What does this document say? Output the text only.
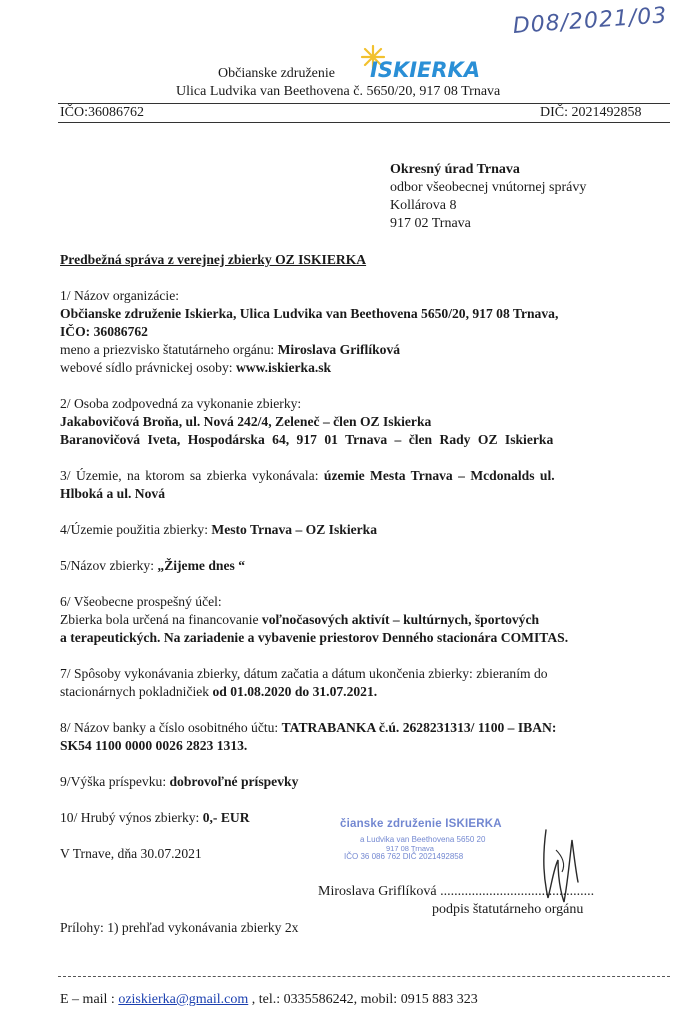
D08/2021/03
ISKIERKA
Občianske združenie
Ulica Ludvika van Beethovena č. 5650/20, 917 08 Trnava
IČO:36086762	DIČ: 2021492858
Okresný úrad Trnava
odbor všeobecnej vnútornej správy
Kollárova 8
917 02 Trnava
Predbežná správa z verejnej zbierky OZ ISKIERKA
1/ Názov organizácie:
Občianske združenie Iskierka, Ulica Ludvika van Beethovena 5650/20, 917 08 Trnava,
IČO: 36086762
meno a priezvisko štatutárneho orgánu: Miroslava Griflíková
webové sídlo právnickej osoby: www.iskierka.sk
2/ Osoba zodpovedná za vykonanie zbierky:
Jakabovičová Broňa, ul. Nová 242/4, Zeleneč – člen OZ Iskierka
Baranovičová Iveta, Hospodárska 64, 917 01 Trnava – člen Rady OZ Iskierka
3/ Územie, na ktorom sa zbierka vykonávala: územie Mesta Trnava – Mcdonalds ul.
Hlboká a ul. Nová
4/Územie použitia zbierky: Mesto Trnava – OZ Iskierka
5/Názov zbierky: „Žijeme dnes “
6/ Všeobecne prospešný účel:
Zbierka bola určená na financovanie voľnočasových aktivít – kultúrnych, športových
a terapeutických. Na zariadenie a vybavenie priestorov Denného stacionára COMITAS.
7/ Spôsoby vykonávania zbierky, dátum začatia a dátum ukončenia zbierky: zbieraním do
stacionárnych pokladničiek od 01.08.2020 do 31.07.2021.
8/ Názov banky a číslo osobitného účtu: TATRABANKA č.ú. 2628231313/ 1100 – IBAN:
SK54 1100 0000 0026 2823 1313.
9/Výška príspevku: dobrovoľné príspevky
10/ Hrubý výnos zbierky: 0,- EUR	čianske združenie ISKIERKA
a Ludvika van Beethovena 5650 20
917 08 Trnava
IČO 36 086 762 DIČ 2021492858
V Trnave, dňa 30.07.2021
Miroslava Griflíková ............................................
podpis štatutárneho orgánu
Prílohy: 1) prehľad vykonávania zbierky 2x
E – mail : oziskierka@gmail.com , tel.: 0335586242, mobil: 0915 883 323
